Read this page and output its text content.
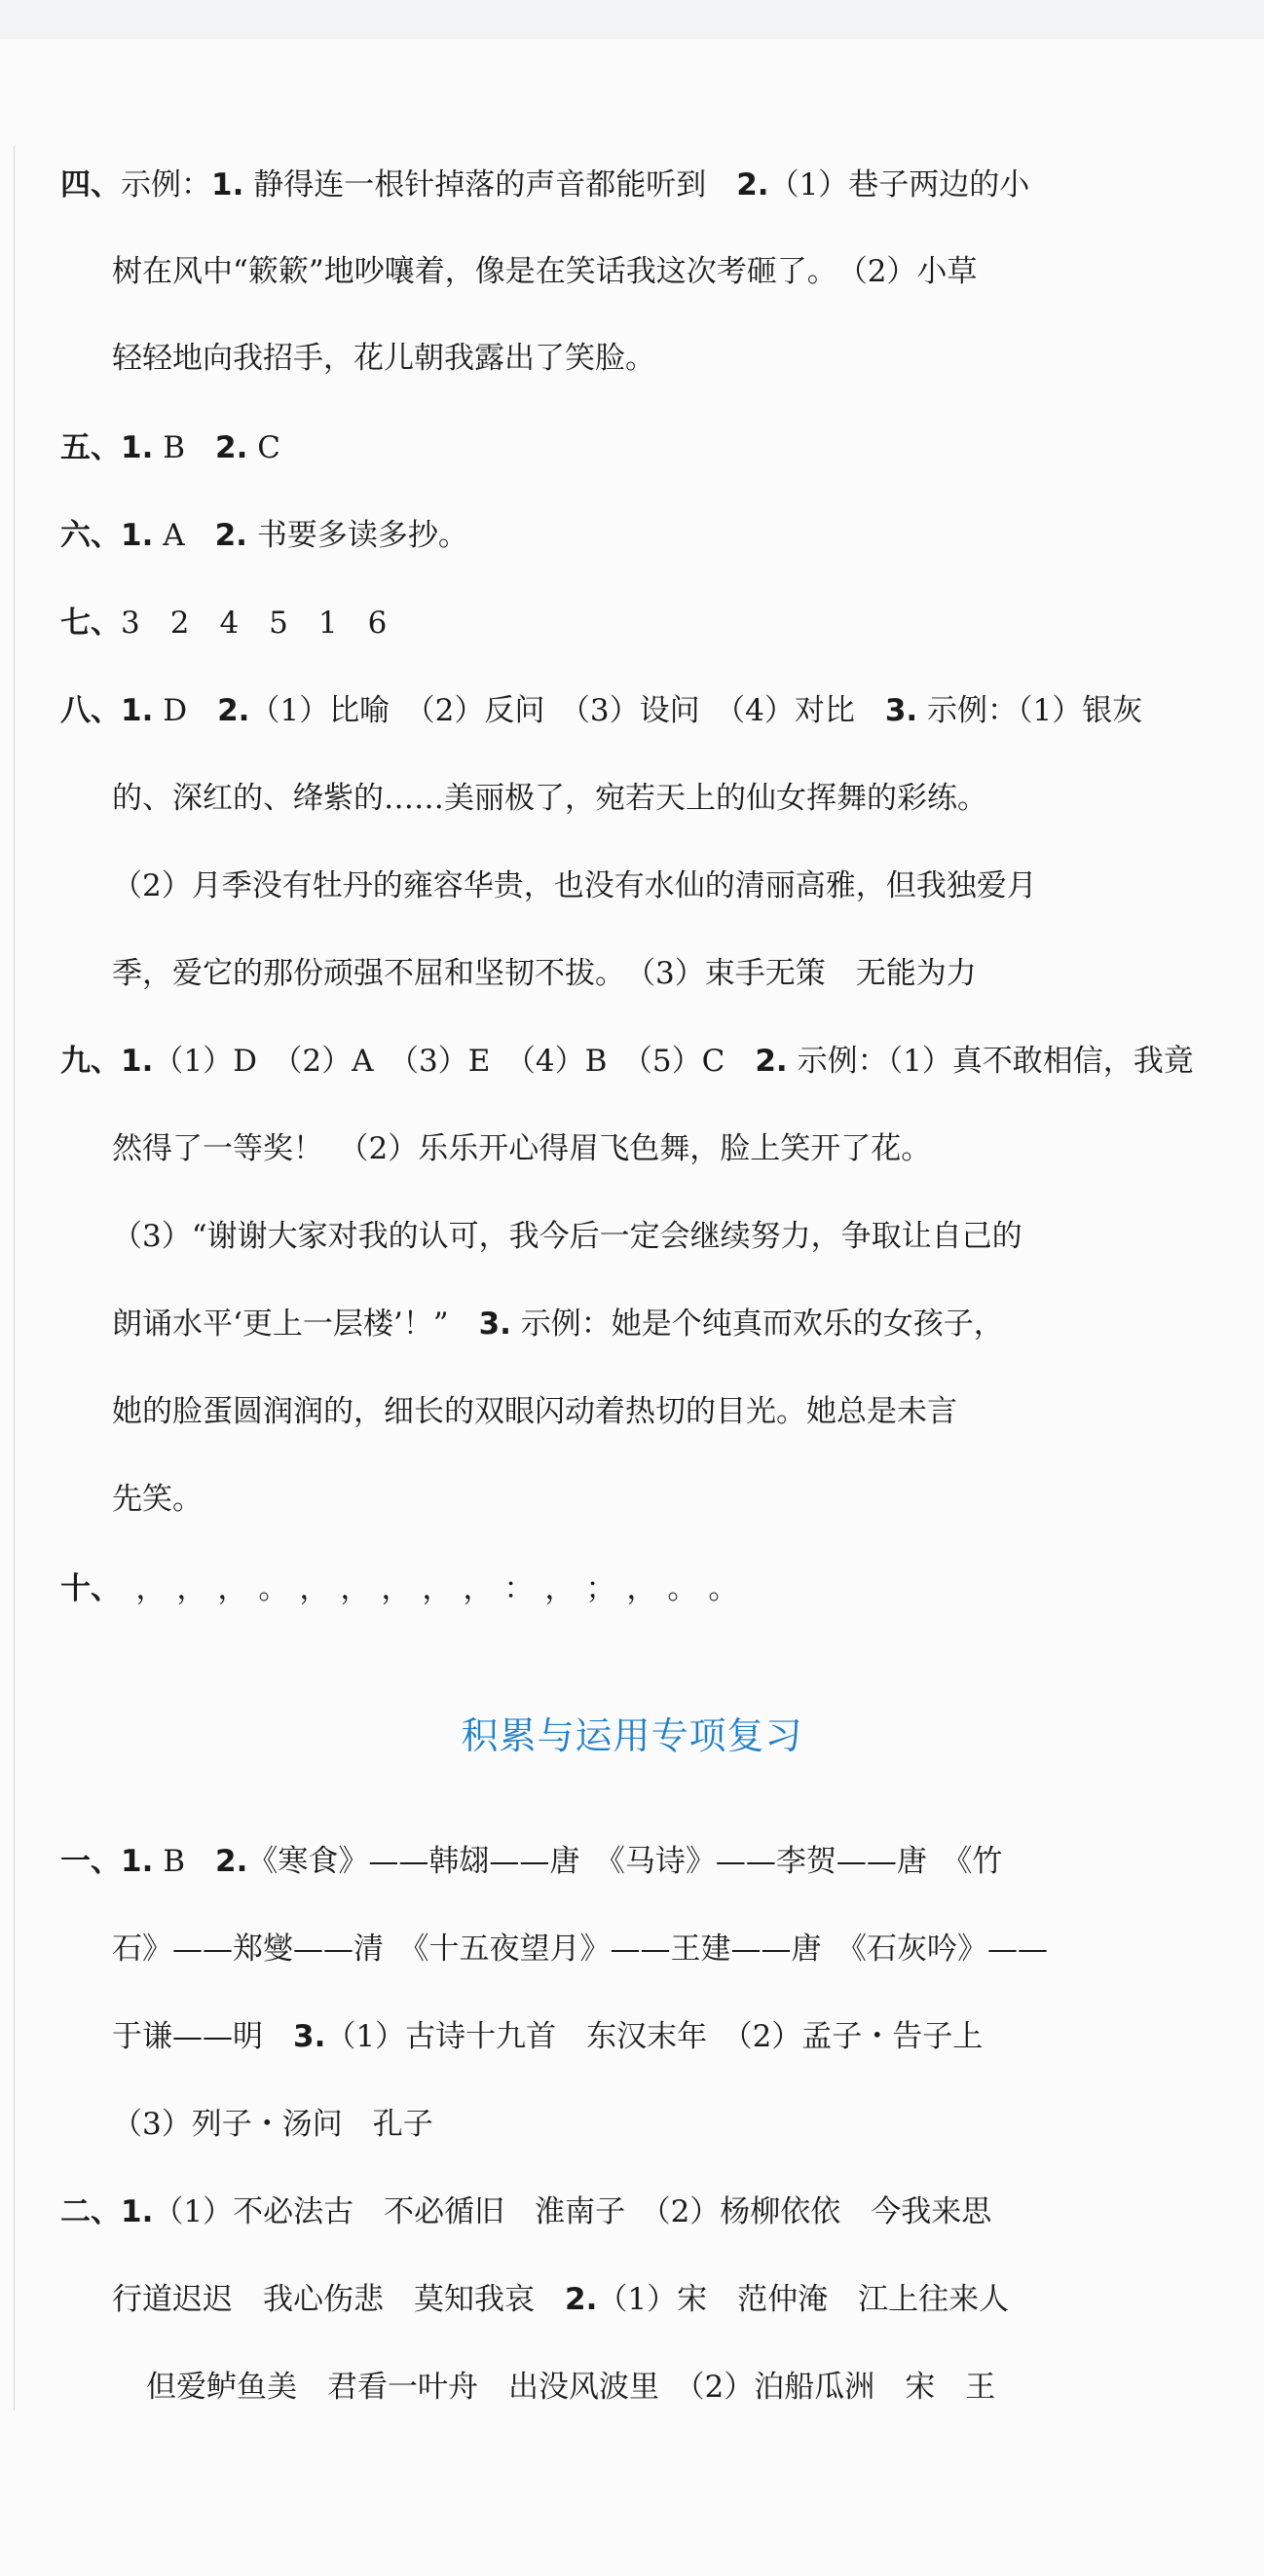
四、示例：1. 静得连一根针掉落的声音都能听到　2.（1）巷子两边的小
树在风中“簌簌”地吵嚷着，像是在笑话我这次考砸了。　（2）小草
轻轻地向我招手，花儿朝我露出了笑脸。
五、1. B　2. C
六、1. A　2. 书要多读多抄。
七、3　2　4　5　1　6
八、1. D　2.（1）比喻　（2）反问　（3）设问　（4）对比　3. 示例：（1）银灰
的、深红的、绛紫的……美丽极了，宛若天上的仙女挥舞的彩练。
（2）月季没有牡丹的雍容华贵，也没有水仙的清丽高雅，但我独爱月
季，爱它的那份顽强不屈和坚韧不拔。　（3）束手无策　无能为力
九、1.（1）D　（2）A　（3）E　（4）B　（5）C　2. 示例：（1）真不敢相信，我竟
然得了一等奖！　（2）乐乐开心得眉飞色舞，脸上笑开了花。
（3）“谢谢大家对我的认可，我今后一定会继续努力，争取让自己的
朗诵水平‘更上一层楼’！”　3. 示例：她是个纯真而欢乐的女孩子，
她的脸蛋圆润润的，细长的双眼闪动着热切的目光。她总是未言
先笑。
十、 ， ， ， 。 ， ， ， ， ， ： ， ； ， 。 。
积累与运用专项复习
一、1. B　2.《寒食》——韩翃——唐　《马诗》——李贺——唐　《竹
石》——郑燮——清　《十五夜望月》——王建——唐　《石灰吟》——
于谦——明　3.（1）古诗十九首　东汉末年　（2）孟子・告子上
（3）列子・汤问　孔子
二、1.（1）不必法古　不必循旧　淮南子　（2）杨柳依依　今我来思
行道迟迟　我心伤悲　莫知我哀　2.（1）宋　范仲淹　江上往来人
但爱鲈鱼美　君看一叶舟　出没风波里　（2）泊船瓜洲　宋　王
